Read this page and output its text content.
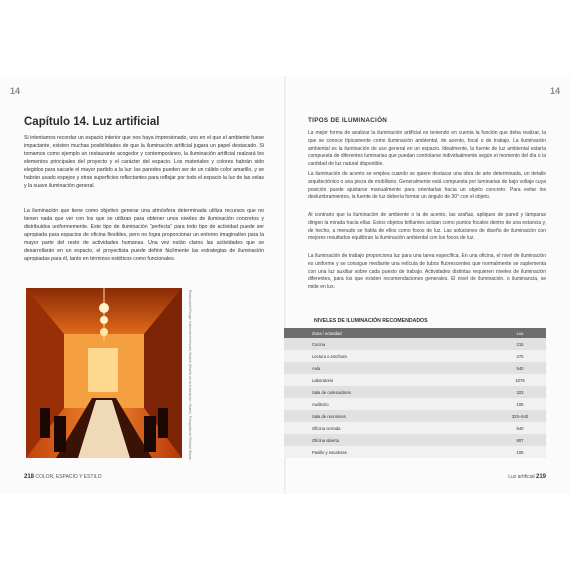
14
Capítulo 14. Luz artificial

Si intentamos recordar un espacio interior que nos haya impresionado, uno en el que el ambiente fuese impactante, existen muchas posibilidades de que la iluminación artificial jugara un papel destacado. Si tomamos como ejemplo un restaurante acogedor y contemporáneo, la iluminación artificial realzará los elementos principales del proyecto y el carácter del espacio. Los materiales y colores habrán sido elegidos para sacarle el mayor partido a la luz: las paredes pueden ser de un cálido color amarillo, y se habrán usado espejos y otras superficies reflectantes para reflejar por todo el espacio la luz de las velas y la suave iluminación general.

La iluminación que tiene como objetivo generar una atmósfera determinada utiliza recursos que no tienen nada que ver con los que se utilizan para obtener unos niveles de iluminación concretos y distribuidos uniformemente. Este tipo de iluminación “perfecta” para todo tipo de actividad puede ser apropiada para espacios de oficina flexibles, pero no logra proporcionar un entorno imaginativo para la mayor parte del resto de actividades humanas. Una vez están claros las actividades que se desarrollarán en un espacio, el proyectista puede definir fácilmente las estrategias de iluminación apropiadas para él, tanto en términos estéticos como funcionales.

Restaurante Rouge, Interiores Interiores; Madrid (Diseño de la iluminación: Studio). Fotografía de Richard Glover.
218 COLOR, ESPACIO Y ESTILO
14
TIPOS DE ILUMINACIÓN

La mejor forma de analizar la iluminación artificial es teniendo en cuenta la función que deba realizar, la que se conoce típicamente como iluminación ambiental, de acento, focal o de trabajo. La iluminación ambiental es la iluminación de uso general en un espacio. Idealmente, la fuente de luz ambiental estaría compuesta de diferentes luminarias que puedan controlarse individualmente según el momento del día o la cantidad de luz natural disponible.

La iluminación de acento se emplea cuando se quiere destacar una obra de arte determinada, un detalle arquitectónico o una pieza de mobiliario. Generalmente está compuesta por luminarias de bajo voltaje cuya posición puede ajustarse manualmente para orientarlas hacia un objeto concreto. Para evitar los deslumbramientos, la fuente de luz debería formar un ángulo de 30° con el objeto.

Al contrario que la iluminación de ambiente o la de acento, las arañas, apliques de pared y lámparas dirigen la mirada hacia ellas. Estos objetos brillantes actúan como puntos focales dentro de una estancia y, de hecho, a menudo se habla de ellos como focos de luz. Las soluciones de diseño de iluminación con mejores resultados equilibran la iluminación ambiental con los focos de luz.

La iluminación de trabajo proporciona luz para una tarea específica. En una oficina, el nivel de iluminación es uniforme y se consigue mediante una retícula de tubos fluorescentes que normalmente se suplementa con una luz auxiliar sobre cada puesto de trabajo. Actividades distintas requieren niveles de iluminación diferentes, para los que existen recomendaciones generales. El nivel de iluminación, o iluminancia, se mide en lux.

NIVELES DE ILUMINACIÓN RECOMENDADOS
Zona / actividad	Lux
Cocina	215
Lectura o escritura	270
Aula	540
Laboratorio	1076
Sala de ordenadores	323
Auditorio	108
Sala de reuniones	323–540
Oficina cerrada	540
Oficina abierta	807
Pasillo y escaleras	108
Luz artificial 219
